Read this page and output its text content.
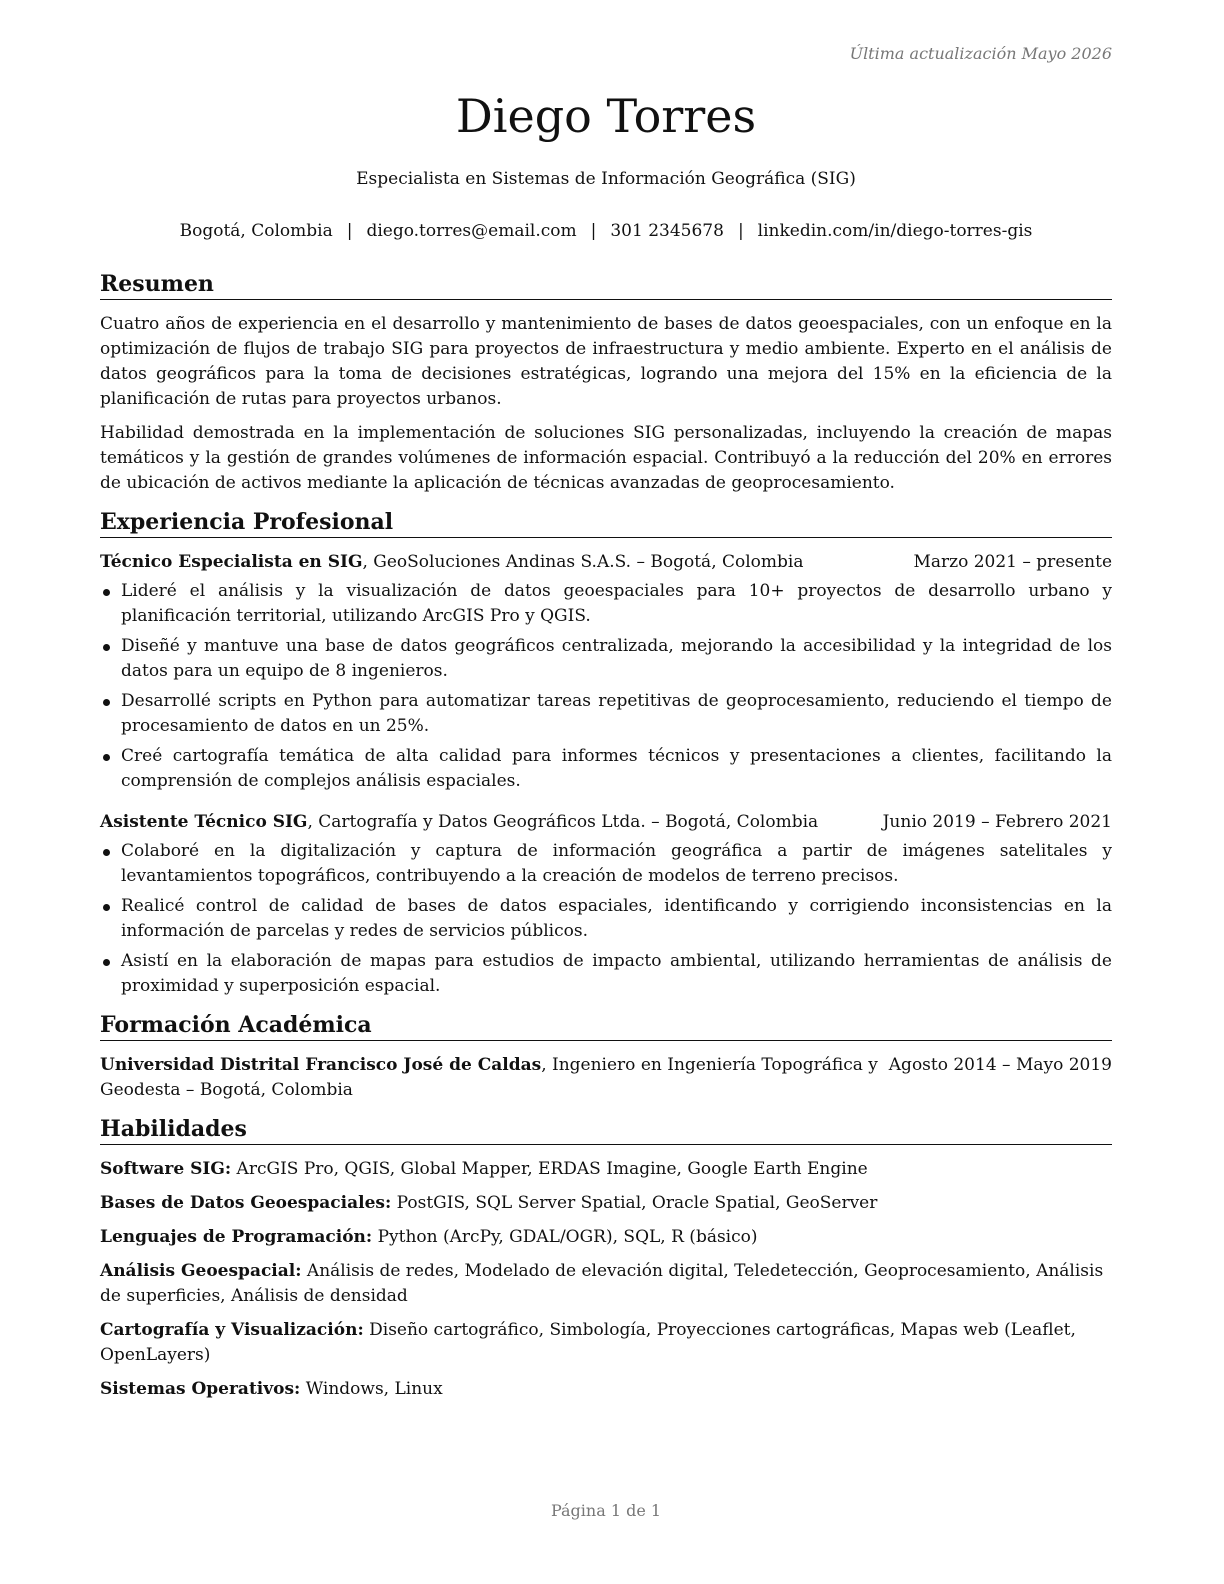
Última actualización Mayo 2026
Diego Torres
Especialista en Sistemas de Información Geográfica (SIG)
Bogotá, Colombia | diego.torres@email.com | 301 2345678 | linkedin.com/in/diego-torres-gis
Resumen

Cuatro años de experiencia en el desarrollo y mantenimiento de bases de datos geoespaciales, con un enfoque en la optimización de flujos de trabajo SIG para proyectos de infraestructura y medio ambiente. Experto en el análisis de datos geográficos para la toma de decisiones estratégicas, logrando una mejora del 15% en la eficiencia de la planificación de rutas para proyectos urbanos.

Habilidad demostrada en la implementación de soluciones SIG personalizadas, incluyendo la creación de mapas temáticos y la gestión de grandes volúmenes de información espacial. Contribuyó a la reducción del 20% en errores de ubicación de activos mediante la aplicación de técnicas avanzadas de geoprocesamiento.

Experiencia Profesional
Técnico Especialista en SIG, GeoSoluciones Andinas S.A.S. – Bogotá, Colombia	Marzo 2021 – presente
Lideré el análisis y la visualización de datos geoespaciales para 10+ proyectos de desarrollo urbano y planificación territorial, utilizando ArcGIS Pro y QGIS.
Diseñé y mantuve una base de datos geográficos centralizada, mejorando la accesibilidad y la integridad de los datos para un equipo de 8 ingenieros.
Desarrollé scripts en Python para automatizar tareas repetitivas de geoprocesamiento, reduciendo el tiempo de procesamiento de datos en un 25%.
Creé cartografía temática de alta calidad para informes técnicos y presentaciones a clientes, facilitando la comprensión de complejos análisis espaciales.
Asistente Técnico SIG, Cartografía y Datos Geográficos Ltda. – Bogotá, Colombia	Junio 2019 – Febrero 2021
Colaboré en la digitalización y captura de información geográfica a partir de imágenes satelitales y levantamientos topográficos, contribuyendo a la creación de modelos de terreno precisos.
Realicé control de calidad de bases de datos espaciales, identificando y corrigiendo inconsistencias en la información de parcelas y redes de servicios públicos.
Asistí en la elaboración de mapas para estudios de impacto ambiental, utilizando herramientas de análisis de proximidad y superposición espacial.
Formación Académica
Universidad Distrital Francisco José de Caldas, Ingeniero en Ingeniería Topográfica y Geodesta – Bogotá, Colombia
Agosto 2014 – Mayo 2019
Habilidades
Software SIG: ArcGIS Pro, QGIS, Global Mapper, ERDAS Imagine, Google Earth Engine
Bases de Datos Geoespaciales: PostGIS, SQL Server Spatial, Oracle Spatial, GeoServer
Lenguajes de Programación: Python (ArcPy, GDAL/OGR), SQL, R (básico)
Análisis Geoespacial: Análisis de redes, Modelado de elevación digital, Teledetección, Geoprocesamiento, Análisis de superficies, Análisis de densidad
Cartografía y Visualización: Diseño cartográfico, Simbología, Proyecciones cartográficas, Mapas web (Leaflet, OpenLayers)
Sistemas Operativos: Windows, Linux
Página 1 de 1
